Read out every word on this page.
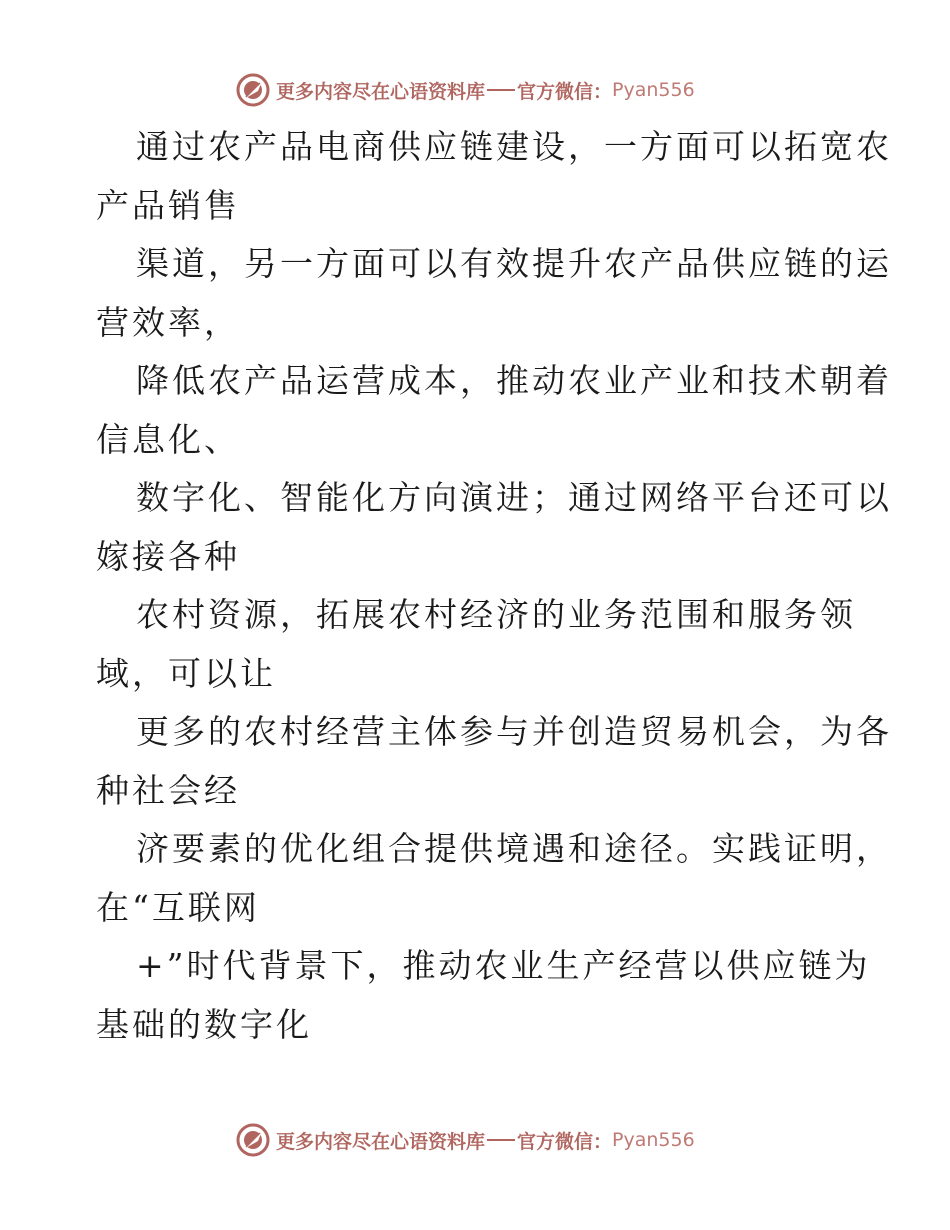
更多内容尽在心语资料库 官方微信： Pyan556
通过农产品电商供应链建设，一方面可以拓宽农
产品销售
渠道，另一方面可以有效提升农产品供应链的运
营效率，
降低农产品运营成本，推动农业产业和技术朝着
信息化、
数字化、智能化方向演进；通过网络平台还可以
嫁接各种
农村资源，拓展农村经济的业务范围和服务领
域，可以让
更多的农村经营主体参与并创造贸易机会，为各
种社会经
济要素的优化组合提供境遇和途径。实践证明，
在“互联网
+”时代背景下，推动农业生产经营以供应链为
基础的数字化
更多内容尽在心语资料库 官方微信： Pyan556
